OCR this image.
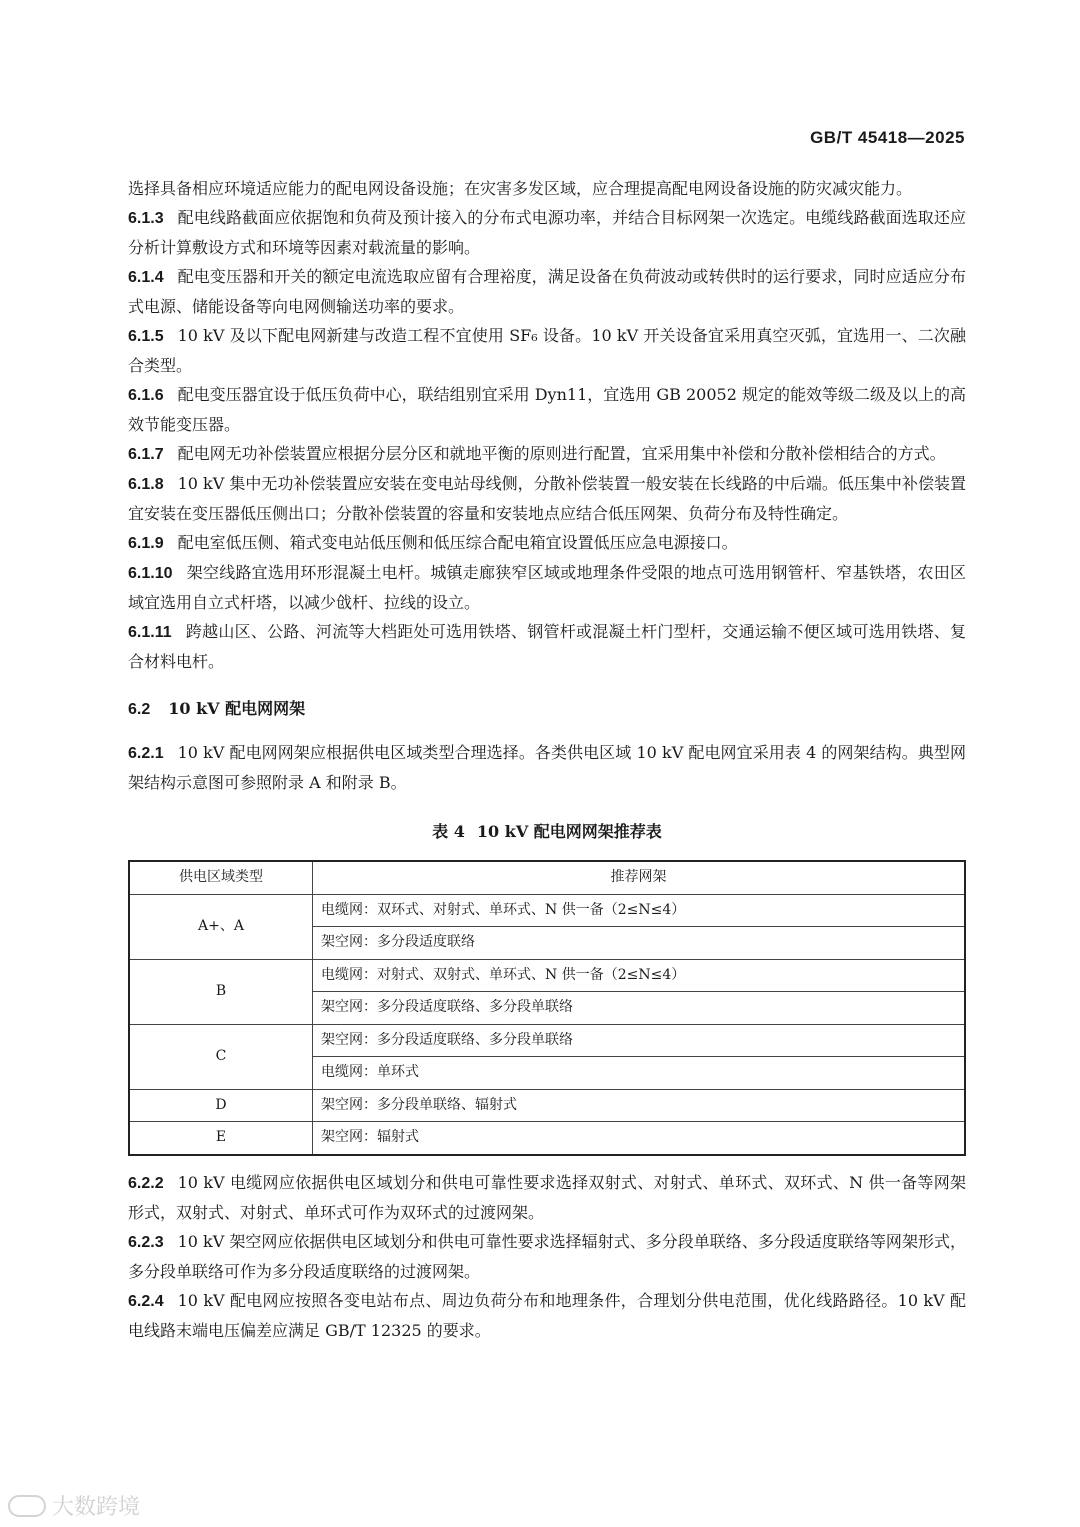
GB/T 45418—2025

选择具备相应环境适应能力的配电网设备设施；在灾害多发区域，应合理提高配电网设备设施的防灾减灾能力。

6.1.3 配电线路截面应依据饱和负荷及预计接入的分布式电源功率，并结合目标网架一次选定。电缆线路截面选取还应分析计算敷设方式和环境等因素对载流量的影响。

6.1.4 配电变压器和开关的额定电流选取应留有合理裕度，满足设备在负荷波动或转供时的运行要求，同时应适应分布式电源、储能设备等向电网侧输送功率的要求。

6.1.5 10 kV 及以下配电网新建与改造工程不宜使用 SF₆ 设备。10 kV 开关设备宜采用真空灭弧，宜选用一、二次融合类型。

6.1.6 配电变压器宜设于低压负荷中心，联结组别宜采用 Dyn11，宜选用 GB 20052 规定的能效等级二级及以上的高效节能变压器。

6.1.7 配电网无功补偿装置应根据分层分区和就地平衡的原则进行配置，宜采用集中补偿和分散补偿相结合的方式。

6.1.8 10 kV 集中无功补偿装置应安装在变电站母线侧，分散补偿装置一般安装在长线路的中后端。低压集中补偿装置宜安装在变压器低压侧出口；分散补偿装置的容量和安装地点应结合低压网架、负荷分布及特性确定。

6.1.9 配电室低压侧、箱式变电站低压侧和低压综合配电箱宜设置低压应急电源接口。

6.1.10 架空线路宜选用环形混凝土电杆。城镇走廊狭窄区域或地理条件受限的地点可选用钢管杆、窄基铁塔，农田区域宜选用自立式杆塔，以减少戗杆、拉线的设立。

6.1.11 跨越山区、公路、河流等大档距处可选用铁塔、钢管杆或混凝土杆门型杆，交通运输不便区域可选用铁塔、复合材料电杆。

6.2 10 kV 配电网网架

6.2.1 10 kV 配电网网架应根据供电区域类型合理选择。各类供电区域 10 kV 配电网宜采用表 4 的网架结构。典型网架结构示意图可参照附录 A 和附录 B。

表 4 10 kV 配电网网架推荐表
供电区域类型	推荐网架
A+、A	电缆网：双环式、对射式、单环式、N 供一备（2≤N≤4）
	架空网：多分段适度联络
B	电缆网：对射式、双射式、单环式、N 供一备（2≤N≤4）
	架空网：多分段适度联络、多分段单联络
C	架空网：多分段适度联络、多分段单联络
	电缆网：单环式
D	架空网：多分段单联络、辐射式
E	架空网：辐射式

6.2.2 10 kV 电缆网应依据供电区域划分和供电可靠性要求选择双射式、对射式、单环式、双环式、N 供一备等网架形式，双射式、对射式、单环式可作为双环式的过渡网架。

6.2.3 10 kV 架空网应依据供电区域划分和供电可靠性要求选择辐射式、多分段单联络、多分段适度联络等网架形式，多分段单联络可作为多分段适度联络的过渡网架。

6.2.4 10 kV 配电网应按照各变电站布点、周边负荷分布和地理条件，合理划分供电范围，优化线路路径。10 kV 配电线路末端电压偏差应满足 GB/T 12325 的要求。

大数跨境
